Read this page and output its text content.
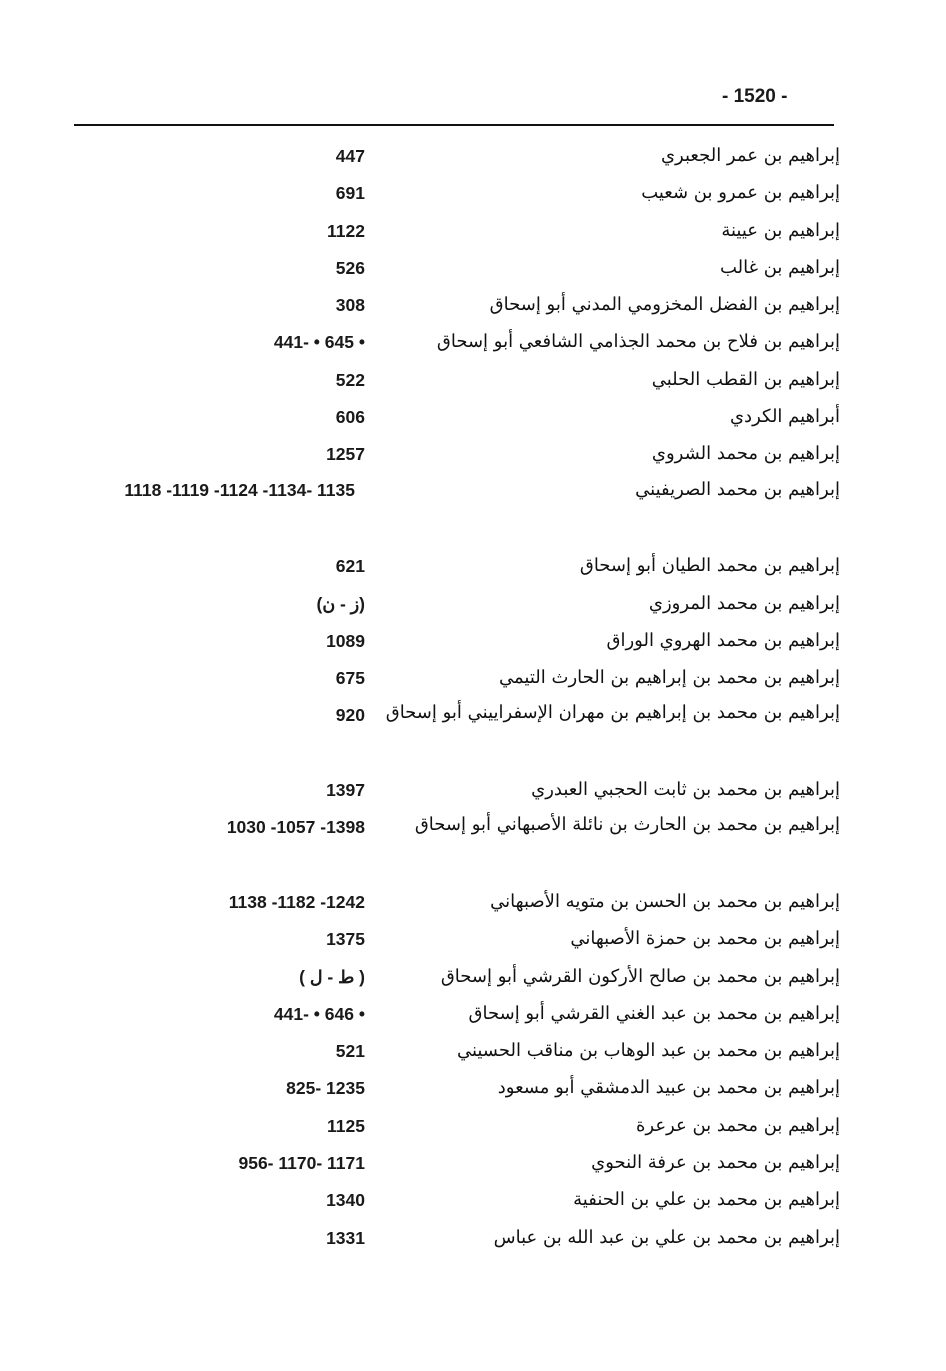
- 1520 -
إبراهيم بن عمر الجعبري
447
إبراهيم بن عمرو بن شعيب
691
إبراهيم بن عيينة
1122
إبراهيم بن غالب
526
إبراهيم بن الفضل المخزومي المدني أبو إسحاق
308
إبراهيم بن فلاح بن محمد الجذامي الشافعي أبو إسحاق
441- • 645 •
إبراهيم بن القطب الحلبي
522
أبراهيم الكردي
606
إبراهيم بن محمد الشروي
1257
إبراهيم بن محمد الصريفيني
1118 -1119 -1124 -1134- 1135
إبراهيم بن محمد الطيان أبو إسحاق
621
إبراهيم بن محمد المروزي
(ز - ن)
إبراهيم بن محمد الهروي الوراق
1089
إبراهيم بن محمد بن إبراهيم بن الحارث التيمي
675
إبراهيم بن محمد بن إبراهيم بن مهران الإسفراييني أبو إسحاق
920
إبراهيم بن محمد بن ثابت الحجبي العبدري
1397
إبراهيم بن محمد بن الحارث بن نائلة الأصبهاني أبو إسحاق
1030 -1057 -1398
إبراهيم بن محمد بن الحسن بن متويه الأصبهاني
1138 -1182 -1242
إبراهيم بن محمد بن حمزة الأصبهاني
1375
إبراهيم بن محمد بن صالح الأركون القرشي أبو إسحاق
( ط - ل )
إبراهيم بن محمد بن عبد الغني القرشي أبو إسحاق
441- • 646 •
إبراهيم بن محمد بن عبد الوهاب بن مناقب الحسيني
521
إبراهيم بن محمد بن عبيد الدمشقي أبو مسعود
825- 1235
إبراهيم بن محمد بن عرعرة
1125
إبراهيم بن محمد بن عرفة النحوي
956- 1170- 1171
إبراهيم بن محمد بن علي بن الحنفية
1340
إبراهيم بن محمد بن علي بن عبد الله بن عباس
1331
